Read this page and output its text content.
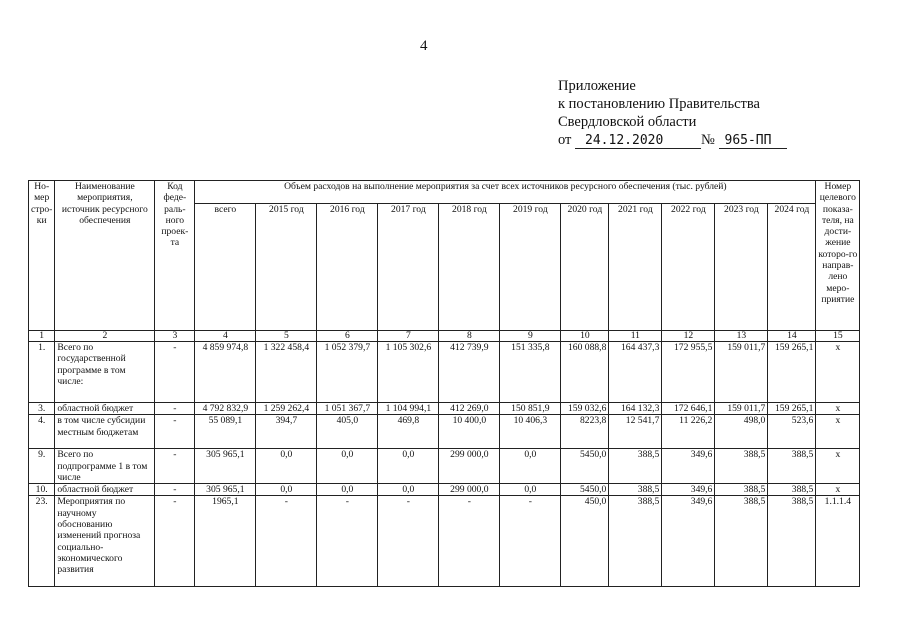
4
Приложение
к постановлению Правительства
Свердловской области
от 24.12.2020	№ 965-ПП
Но-мер стро-ки	Наименование мероприятия, источник ресурсного обеспечения	Код феде-раль-ного проек-та	Объем расходов на выполнение мероприятия за счет всех источников ресурсного обеспечения (тыс. рублей)											Номер целевого показа-теля, на дости-жение которо-го направ-лено меро-приятие
			всего	2015 год	2016 год	2017 год	2018 год	2019 год	2020 год	2021 год	2022 год	2023 год	2024 год	
1	2	3	4	5	6	7	8	9	10	11	12	13	14	15
1.	Всего по государственной программе в том числе:	-	4 859 974,8	1 322 458,4	1 052 379,7	1 105 302,6	412 739,9	151 335,8	160 088,8	164 437,3	172 955,5	159 011,7	159 265,1	x
3.	областной бюджет	-	4 792 832,9	1 259 262,4	1 051 367,7	1 104 994,1	412 269,0	150 851,9	159 032,6	164 132,3	172 646,1	159 011,7	159 265,1	x
4.	в том числе субсидии местным бюджетам	-	55 089,1	394,7	405,0	469,8	10 400,0	10 406,3	8223,8	12 541,7	11 226,2	498,0	523,6	x
9.	Всего по подпрограмме 1 в том числе	-	305 965,1	0,0	0,0	0,0	299 000,0	0,0	5450,0	388,5	349,6	388,5	388,5	x
10.	областной бюджет	-	305 965,1	0,0	0,0	0,0	299 000,0	0,0	5450,0	388,5	349,6	388,5	388,5	x
23.	Мероприятия по научному обоснованию изменений прогноза социально-экономического развития	-	1965,1	-	-	-	-	-	450,0	388,5	349,6	388,5	388,5	1.1.1.4
